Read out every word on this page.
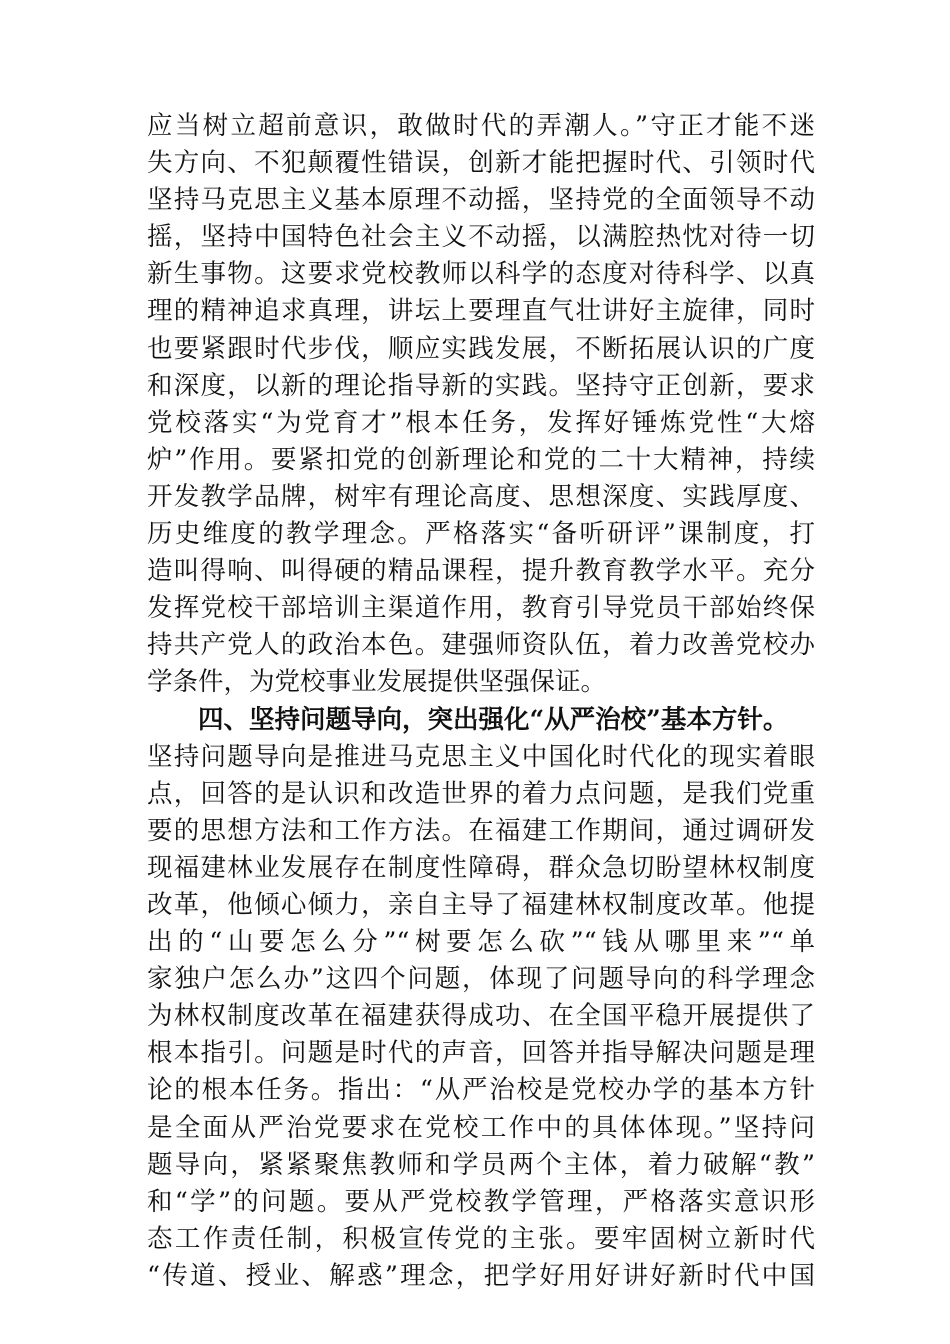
应当树立超前意识，敢做时代的弄潮人。”守正才能不迷
失方向、不犯颠覆性错误，创新才能把握时代、引领时代
坚持马克思主义基本原理不动摇，坚持党的全面领导不动
摇，坚持中国特色社会主义不动摇，以满腔热忱对待一切
新生事物。这要求党校教师以科学的态度对待科学、以真
理的精神追求真理，讲坛上要理直气壮讲好主旋律，同时
也要紧跟时代步伐，顺应实践发展，不断拓展认识的广度
和深度，以新的理论指导新的实践。坚持守正创新，要求
党校落实“为党育才”根本任务，发挥好锤炼党性“大熔
炉”作用。要紧扣党的创新理论和党的二十大精神，持续
开发教学品牌，树牢有理论高度、思想深度、实践厚度、
历史维度的教学理念。严格落实“备听研评”课制度，打
造叫得响、叫得硬的精品课程，提升教育教学水平。充分
发挥党校干部培训主渠道作用，教育引导党员干部始终保
持共产党人的政治本色。建强师资队伍，着力改善党校办
学条件，为党校事业发展提供坚强保证。
四、坚持问题导向，突出强化“从严治校”基本方针。
坚持问题导向是推进马克思主义中国化时代化的现实着眼
点，回答的是认识和改造世界的着力点问题，是我们党重
要的思想方法和工作方法。在福建工作期间，通过调研发
现福建林业发展存在制度性障碍，群众急切盼望林权制度
改革，他倾心倾力，亲自主导了福建林权制度改革。他提
出的“山要怎么分”“树要怎么砍”“钱从哪里来”“单
家独户怎么办”这四个问题，体现了问题导向的科学理念
为林权制度改革在福建获得成功、在全国平稳开展提供了
根本指引。问题是时代的声音，回答并指导解决问题是理
论的根本任务。指出：“从严治校是党校办学的基本方针
是全面从严治党要求在党校工作中的具体体现。”坚持问
题导向，紧紧聚焦教师和学员两个主体，着力破解“教”
和“学”的问题。要从严党校教学管理，严格落实意识形
态工作责任制，积极宣传党的主张。要牢固树立新时代
“传道、授业、解惑”理念，把学好用好讲好新时代中国
